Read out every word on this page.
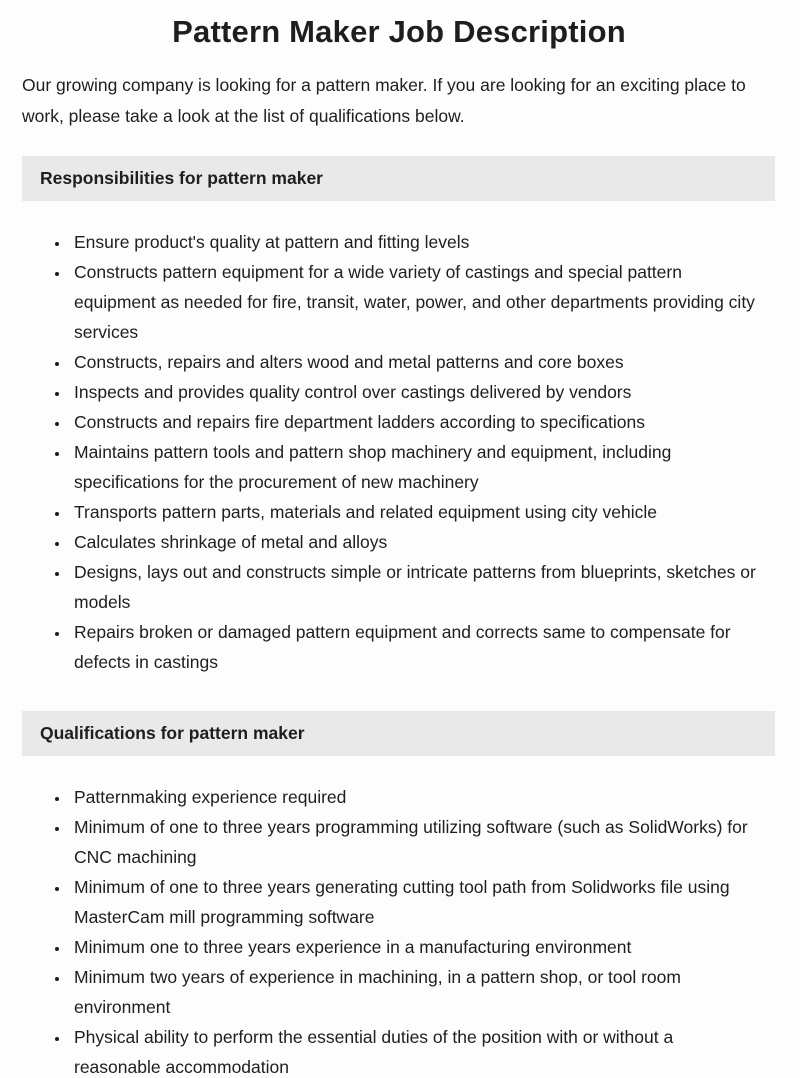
Pattern Maker Job Description

Our growing company is looking for a pattern maker. If you are looking for an exciting place to work, please take a look at the list of qualifications below.

Responsibilities for pattern maker
• Ensure product's quality at pattern and fitting levels
• Constructs pattern equipment for a wide variety of castings and special pattern equipment as needed for fire, transit, water, power, and other departments providing city services
• Constructs, repairs and alters wood and metal patterns and core boxes
• Inspects and provides quality control over castings delivered by vendors
• Constructs and repairs fire department ladders according to specifications
• Maintains pattern tools and pattern shop machinery and equipment, including specifications for the procurement of new machinery
• Transports pattern parts, materials and related equipment using city vehicle
• Calculates shrinkage of metal and alloys
• Designs, lays out and constructs simple or intricate patterns from blueprints, sketches or models
• Repairs broken or damaged pattern equipment and corrects same to compensate for defects in castings
Qualifications for pattern maker
• Patternmaking experience required
• Minimum of one to three years programming utilizing software (such as SolidWorks) for CNC machining
• Minimum of one to three years generating cutting tool path from Solidworks file using MasterCam mill programming software
• Minimum one to three years experience in a manufacturing environment
• Minimum two years of experience in machining, in a pattern shop, or tool room environment
• Physical ability to perform the essential duties of the position with or without a reasonable accommodation
